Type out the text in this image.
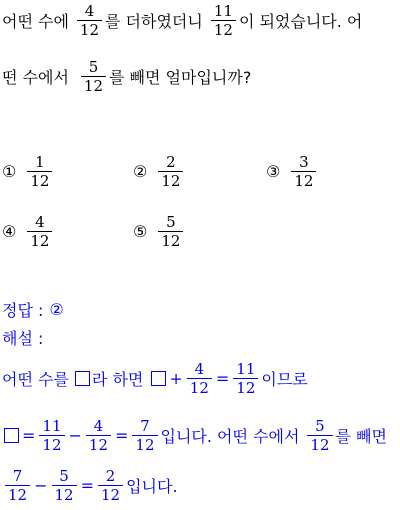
어떤 수에 $\frac{4}{12}$ 를 더하였더니 $\frac{11}{12}$ 이 되었습니다. 어
떤 수에서 $\frac{5}{12}$ 를 빼면 얼마입니까?
① $\frac{1}{12}$	② $\frac{2}{12}$	③ $\frac{3}{12}$
④ $\frac{4}{12}$	⑤ $\frac{5}{12}$
정답 : ②
해설 :
어떤 수를 라 하면 + $\frac{4}{12} = \frac{11}{12}$ 이므로
= $\frac{11}{12} - \frac{4}{12} = \frac{7}{12}$ 입니다. 어떤 수에서 $\frac{5}{12}$ 를 빼면
$\frac{7}{12} - \frac{5}{12} = \frac{2}{12}$ 입니다.
